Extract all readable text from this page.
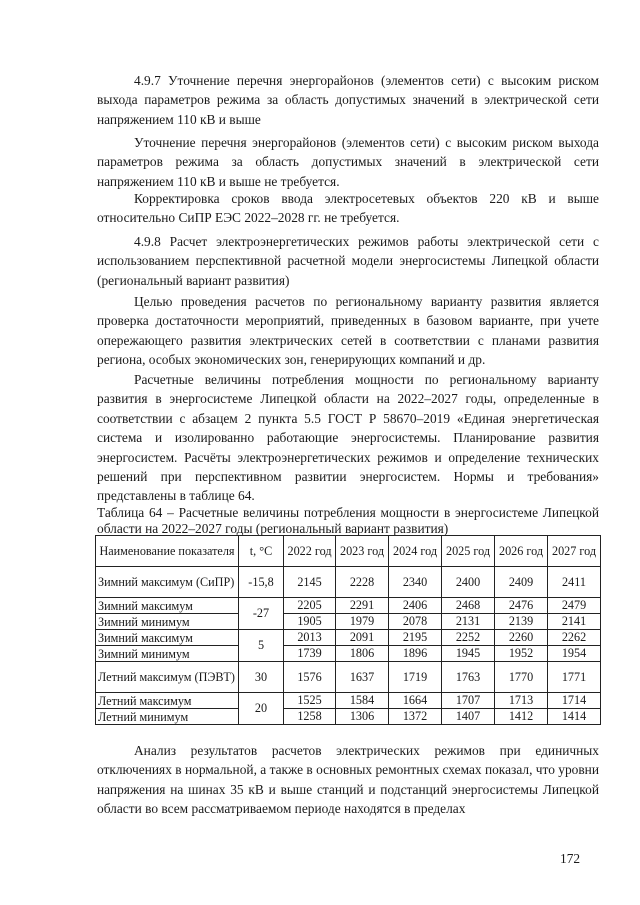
4.9.7 Уточнение перечня энергорайонов (элементов сети) с высоким риском выхода параметров режима за область допустимых значений в электрической сети напряжением 110 кВ и выше

Уточнение перечня энергорайонов (элементов сети) с высоким риском выхода параметров режима за область допустимых значений в электрической сети напряжением 110 кВ и выше не требуется.

Корректировка сроков ввода электросетевых объектов 220 кВ и выше относительно СиПР ЕЭС 2022–2028 гг. не требуется.

4.9.8 Расчет электроэнергетических режимов работы электрической сети с использованием перспективной расчетной модели энергосистемы Липецкой области (региональный вариант развития)

Целью проведения расчетов по региональному варианту развития является проверка достаточности мероприятий, приведенных в базовом варианте, при учете опережающего развития электрических сетей в соответствии с планами развития региона, особых экономических зон, генерирующих компаний и др.

Расчетные величины потребления мощности по региональному варианту развития в энергосистеме Липецкой области на 2022–2027 годы, определенные в соответствии с абзацем 2 пункта 5.5 ГОСТ Р 58670–2019 «Единая энергетическая система и изолированно работающие энергосистемы. Планирование развития энергосистем. Расчёты электроэнергетических режимов и определение технических решений при перспективном развитии энергосистем. Нормы и требования» представлены в таблице 64.

Таблица 64 – Расчетные величины потребления мощности в энергосистеме Липецкой области на 2022–2027 годы (региональный вариант развития)

Наименование показателя	t, °C	2022 год	2023 год	2024 год	2025 год	2026 год	2027 год
Зимний максимум (СиПР)	-15,8	2145	2228	2340	2400	2409	2411
Зимний максимум	-27	2205	2291	2406	2468	2476	2479
Зимний минимум		1905	1979	2078	2131	2139	2141
Зимний максимум	5	2013	2091	2195	2252	2260	2262
Зимний минимум		1739	1806	1896	1945	1952	1954
Летний максимум (ПЭВТ)	30	1576	1637	1719	1763	1770	1771
Летний максимум	20	1525	1584	1664	1707	1713	1714
Летний минимум		1258	1306	1372	1407	1412	1414

Анализ результатов расчетов электрических режимов при единичных отключениях в нормальной, а также в основных ремонтных схемах показал, что уровни напряжения на шинах 35 кВ и выше станций и подстанций энергосистемы Липецкой области во всем рассматриваемом периоде находятся в пределах

172
